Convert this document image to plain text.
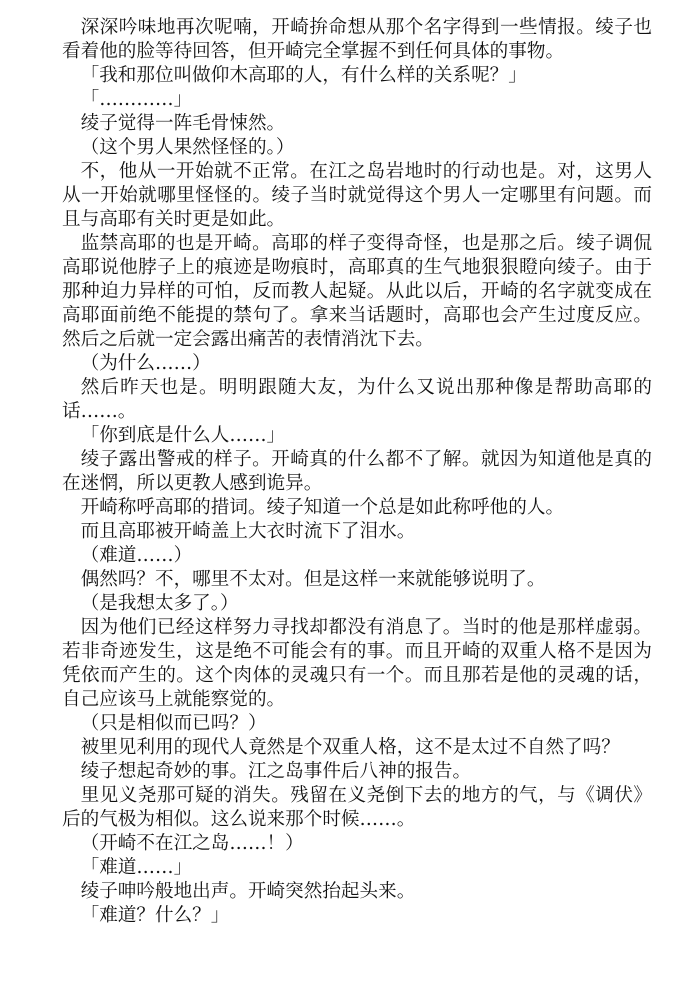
深深吟味地再次呢喃，开崎拚命想从那个名字得到一些情报。绫子也看着他的脸等待回答，但开崎完全掌握不到任何具体的事物。

「我和那位叫做仰木高耶的人，有什么样的关系呢？」

「…………」

绫子觉得一阵毛骨悚然。

（这个男人果然怪怪的。）

不，他从一开始就不正常。在江之岛岩地时的行动也是。对，这男人从一开始就哪里怪怪的。绫子当时就觉得这个男人一定哪里有问题。而且与高耶有关时更是如此。

监禁高耶的也是开崎。高耶的样子变得奇怪，也是那之后。绫子调侃高耶说他脖子上的痕迹是吻痕时，高耶真的生气地狠狠瞪向绫子。由于那种迫力异样的可怕，反而教人起疑。从此以后，开崎的名字就变成在高耶面前绝不能提的禁句了。拿来当话题时，高耶也会产生过度反应。然后之后就一定会露出痛苦的表情消沈下去。

（为什么……）

然后昨天也是。明明跟随大友，为什么又说出那种像是帮助高耶的话……。

「你到底是什么人……」

绫子露出警戒的样子。开崎真的什么都不了解。就因为知道他是真的在迷惘，所以更教人感到诡异。

开崎称呼高耶的措词。绫子知道一个总是如此称呼他的人。

而且高耶被开崎盖上大衣时流下了泪水。

（难道……）

偶然吗？不，哪里不太对。但是这样一来就能够说明了。

（是我想太多了。）

因为他们已经这样努力寻找却都没有消息了。当时的他是那样虚弱。若非奇迹发生，这是绝不可能会有的事。而且开崎的双重人格不是因为凭依而产生的。这个肉体的灵魂只有一个。而且那若是他的灵魂的话，自己应该马上就能察觉的。

（只是相似而已吗？）

被里见利用的现代人竟然是个双重人格，这不是太过不自然了吗？

绫子想起奇妙的事。江之岛事件后八神的报告。

里见义尧那可疑的消失。残留在义尧倒下去的地方的气，与《调伏》后的气极为相似。这么说来那个时候……。

（开崎不在江之岛……！）

「难道……」

绫子呻吟般地出声。开崎突然抬起头来。

「难道？什么？」
